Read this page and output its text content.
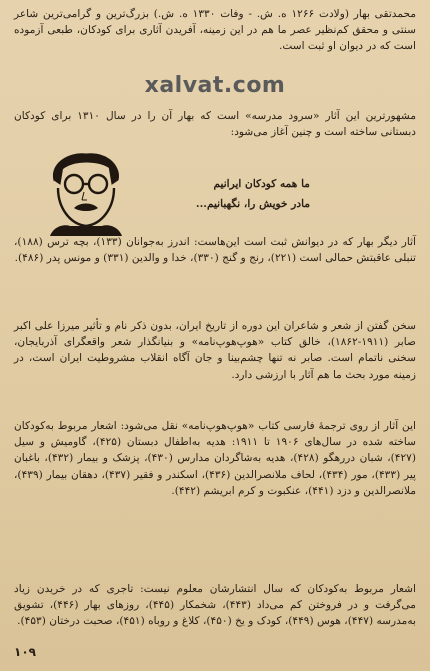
محمدتقی بهار (ولادت ۱۲۶۶ ه. ش. - وفات ۱۳۳۰ ه. ش.) بزرگ‌ترین و گرامی‌ترین شاعر سنتی و محقق کم‌نظیر عصر ما هم در این زمینه، آفریدن آثاری برای کودکان، طبعی آزموده است که در دیوان او ثبت است.

xalvat.com

مشهورترین این آثار «سرود مدرسه» است که بهار آن را در سال ۱۳۱۰ برای کودکان دبستانی ساخته است و چنین آغاز می‌شود:

ما همه کودکان ایرانیم

مادر خویش را، نگهبانیم...

آثار دیگر بهار که در دیوانش ثبت است این‌هاست: اندرز به‌جوانان (۱۳۳)، بچه ترس (۱۸۸)، تنبلی عاقبتش حمالی است (۲۲۱)، رنج و گنج (۳۳۰)، خدا و والدین (۳۳۱) و مونس پدر (۴۸۶).

سخن گفتن از شعر و شاعران این دوره از تاریخ ایران، بدون ذکر نام و تأثیر میرزا علی اکبر صابر (۱۹۱۱-۱۸۶۲)، خالق کتاب «هوپ‌هوپ‌نامه» و بنیانگذار شعر واقعگرای آذربایجان، سخنی ناتمام است. صابر نه تنها چشم‌بینا و جان آگاه انقلاب مشروطیت ایران است، در زمینه مورد بحث ما هم آثار با ارزشی دارد.

این آثار از روی ترجمهٔ فارسی کتاب «هوپ‌هوپ‌نامه» نقل می‌شود: اشعار مربوط به‌کودکان ساخته شده در سال‌های ۱۹۰۶ تا ۱۹۱۱: هدیه به‌اطفال دبستان (۴۲۵)، گاومیش و سیل (۴۲۷)، شبان دررهگو (۴۲۸)، هدیه به‌شاگردان مدارس (۴۳۰)، پزشک و بیمار (۴۳۲)، باغبان پیر (۴۳۳)، مور (۴۳۴)، لحاف ملانصرالدین (۴۳۶)، اسکندر و فقیر (۴۳۷)، دهقان بیمار (۴۳۹)، ملانصرالدین و دزد (۴۴۱)، عنکبوت و کرم ابریشم (۴۴۲).

اشعار مربوط به‌کودکان که سال انتشارشان معلوم نیست: تاجری که در خریدن زیاد می‌گرفت و در فروختن کم می‌داد (۴۴۳)، شخمکار (۴۴۵)، روزهای بهار (۴۴۶)، تشویق به‌مدرسه (۴۴۷)، هوس (۴۴۹)، کودک و یخ (۴۵۰)، کلاغ و روباه (۴۵۱)، صحبت درختان (۴۵۳).

۱۰۹
